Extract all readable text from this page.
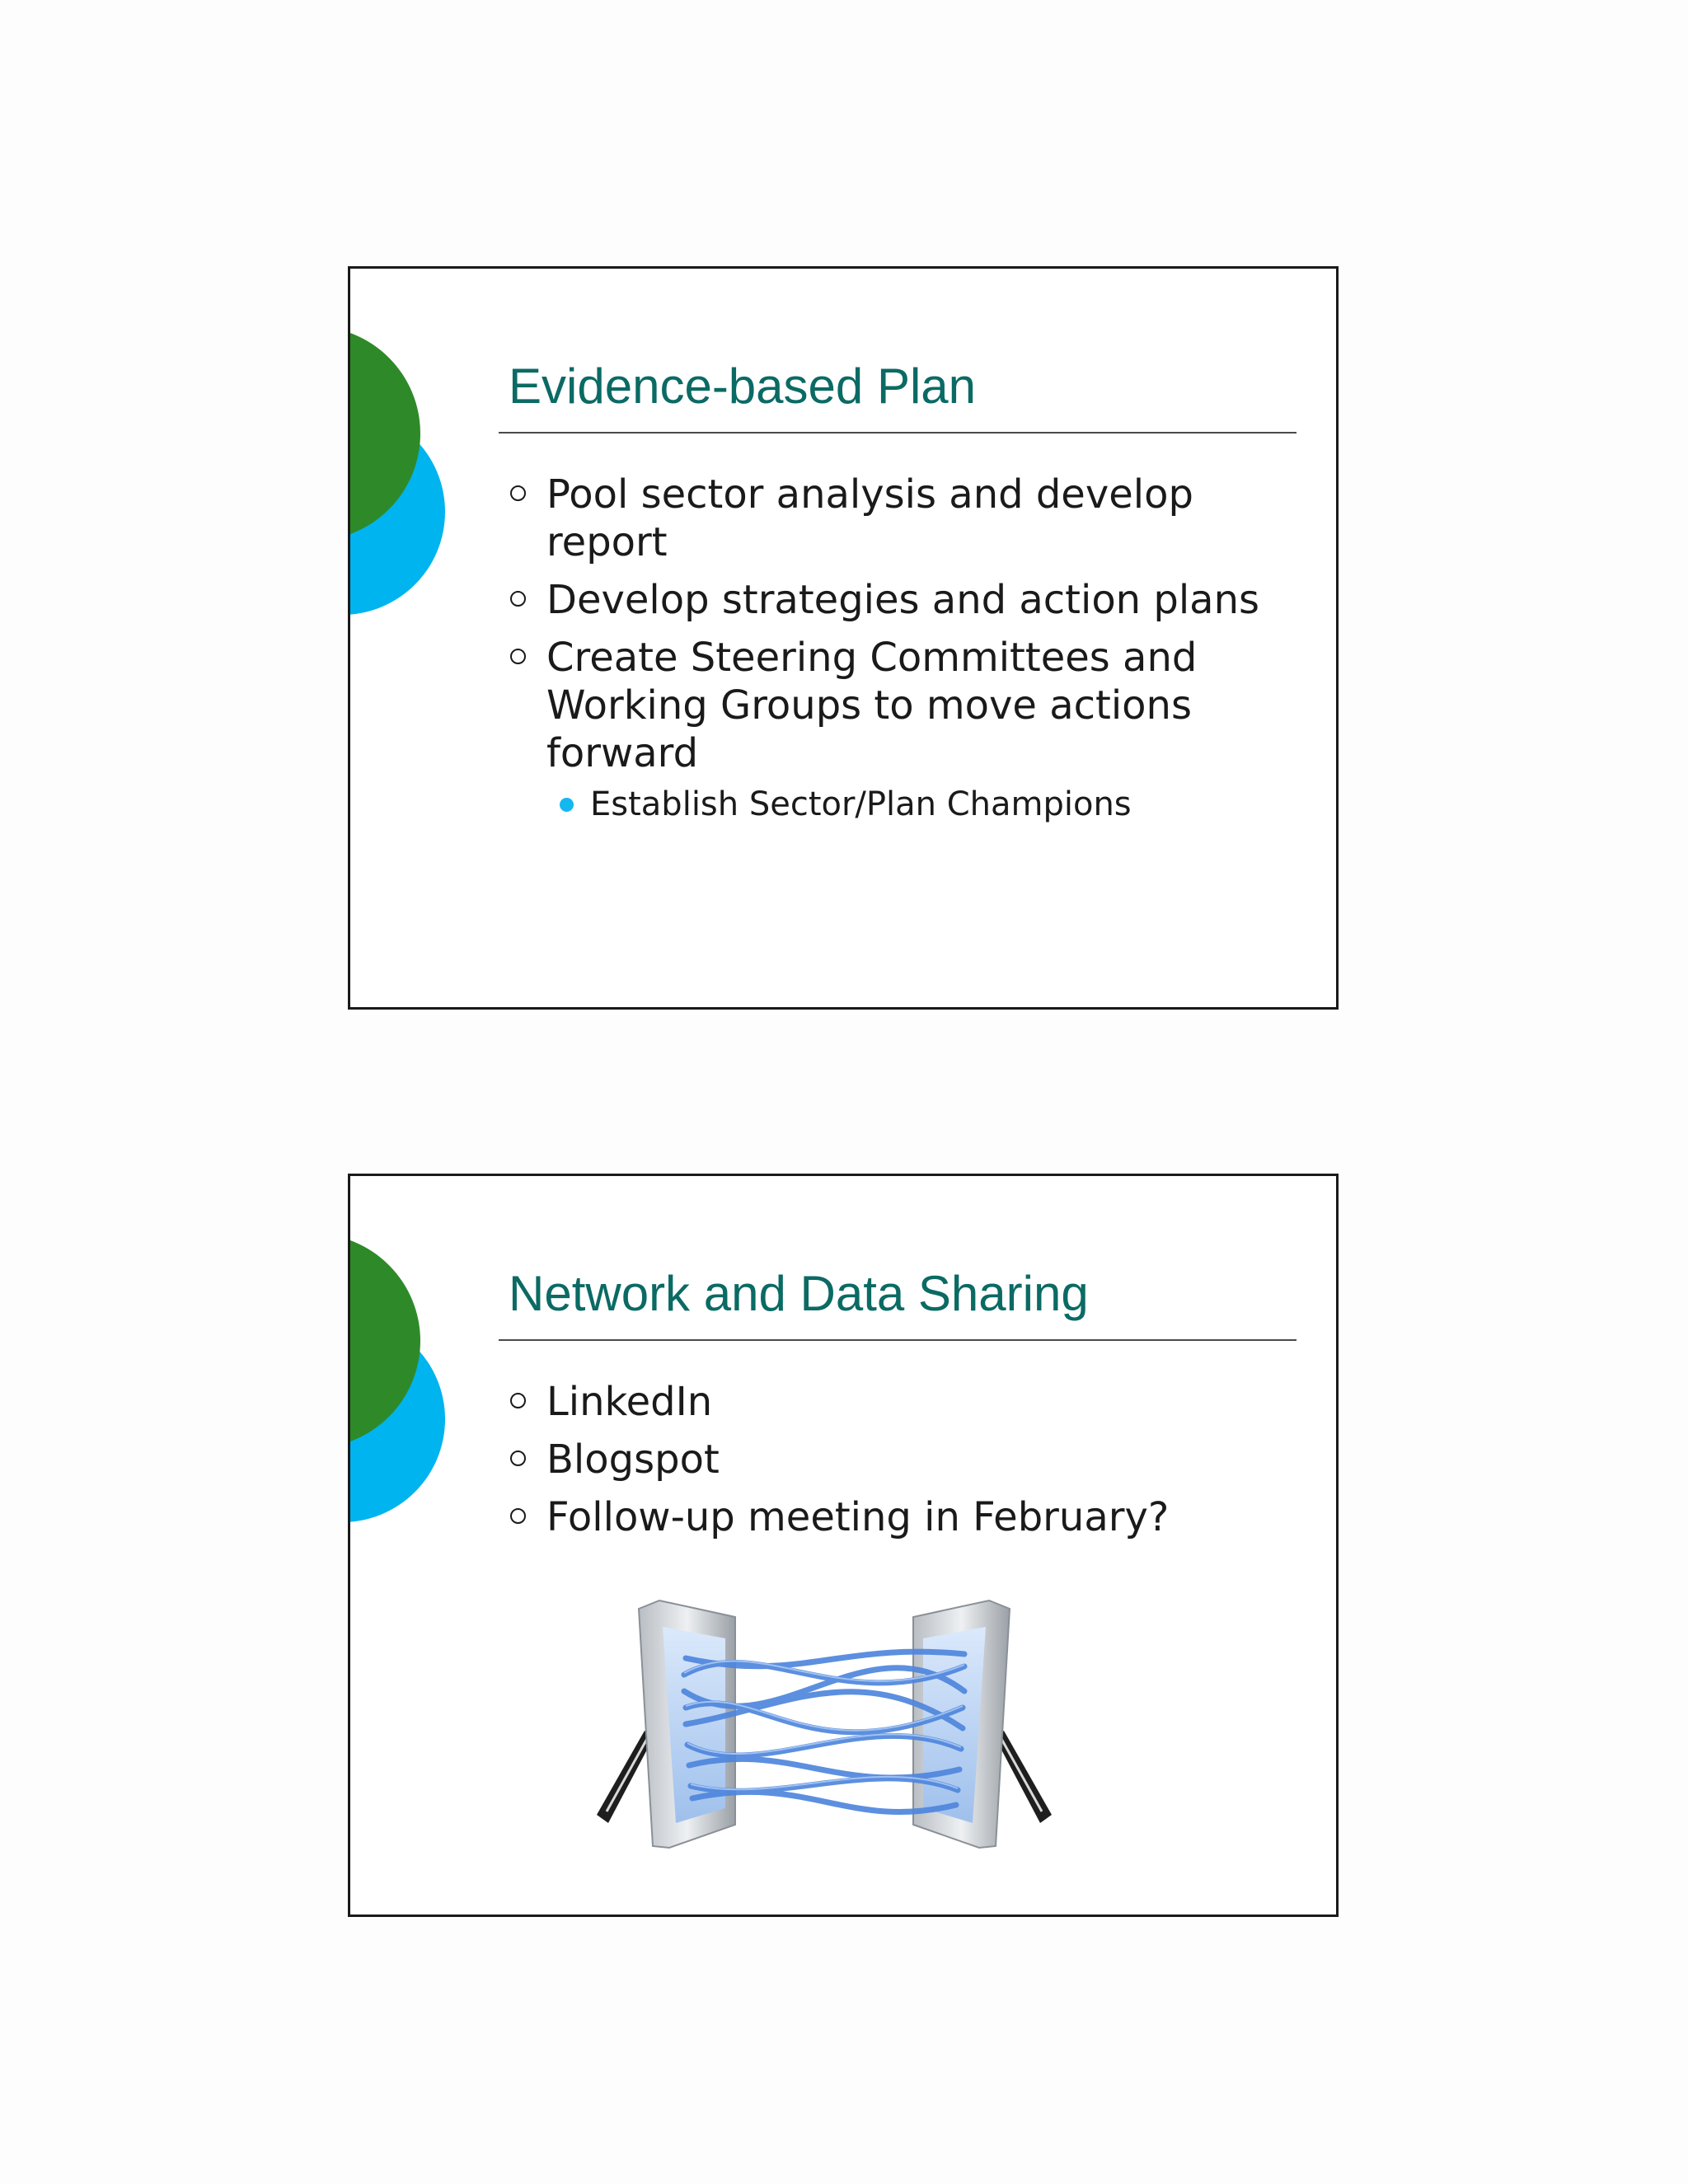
Evidence-based Plan
Pool sector analysis and develop
report
Develop strategies and action plans
Create Steering Committees and
Working Groups to move actions
forward
Establish Sector/Plan Champions
Network and Data Sharing
LinkedIn
Blogspot
Follow-up meeting in February?
